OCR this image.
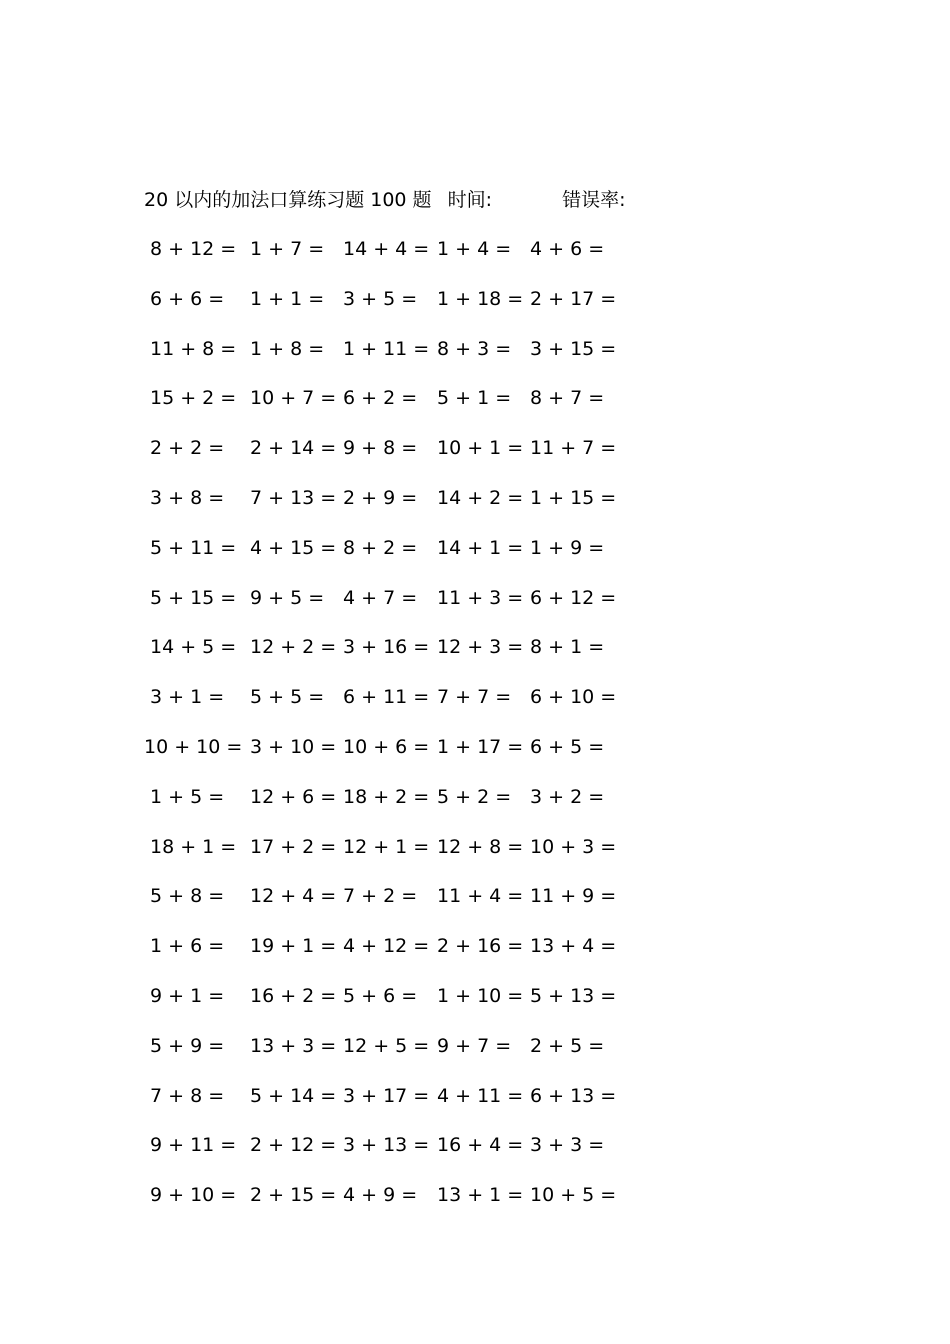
20 以内的加法口算练习题 100 题 时间:	错误率:
8 + 12 = 1 + 7 = 14 + 4 = 1 + 4 = 4 + 6 =
6 + 6 = 1 + 1 = 3 + 5 = 1 + 18 = 2 + 17 =
11 + 8 = 1 + 8 = 1 + 11 = 8 + 3 = 3 + 15 =
15 + 2 = 10 + 7 = 6 + 2 = 5 + 1 = 8 + 7 =
2 + 2 = 2 + 14 = 9 + 8 = 10 + 1 = 11 + 7 =
3 + 8 = 7 + 13 = 2 + 9 = 14 + 2 = 1 + 15 =
5 + 11 = 4 + 15 = 8 + 2 = 14 + 1 = 1 + 9 =
5 + 15 = 9 + 5 = 4 + 7 = 11 + 3 = 6 + 12 =
14 + 5 = 12 + 2 = 3 + 16 = 12 + 3 = 8 + 1 =
3 + 1 = 5 + 5 = 6 + 11 = 7 + 7 = 6 + 10 =
10 + 10 = 3 + 10 = 10 + 6 = 1 + 17 = 6 + 5 =
1 + 5 = 12 + 6 = 18 + 2 = 5 + 2 = 3 + 2 =
18 + 1 = 17 + 2 = 12 + 1 = 12 + 8 = 10 + 3 =
5 + 8 = 12 + 4 = 7 + 2 = 11 + 4 = 11 + 9 =
1 + 6 = 19 + 1 = 4 + 12 = 2 + 16 = 13 + 4 =
9 + 1 = 16 + 2 = 5 + 6 = 1 + 10 = 5 + 13 =
5 + 9 = 13 + 3 = 12 + 5 = 9 + 7 = 2 + 5 =
7 + 8 = 5 + 14 = 3 + 17 = 4 + 11 = 6 + 13 =
9 + 11 = 2 + 12 = 3 + 13 = 16 + 4 = 3 + 3 =
9 + 10 = 2 + 15 = 4 + 9 = 13 + 1 = 10 + 5 =
